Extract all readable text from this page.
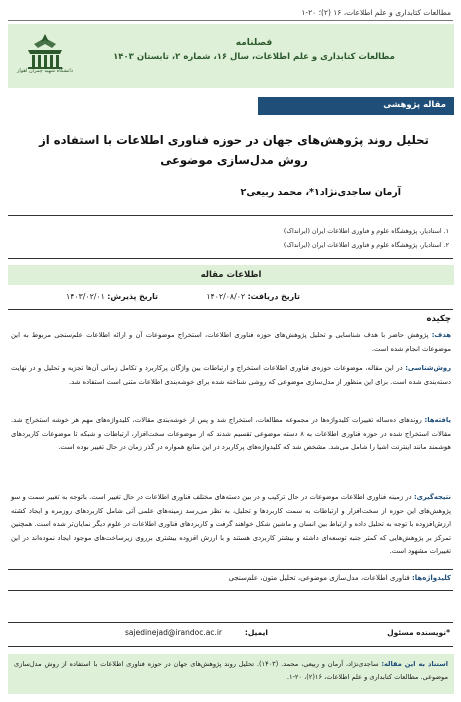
مطالعات کتابداری و علم اطلاعات، ۱۶ (۲)؛ ۲۰-۱
فصلنامه
مطالعات کتابداری و علم اطلاعات، سال ۱۶، شماره ۲، تابستان ۱۴۰۳
دانشگاه شهید چمران اهواز
مقاله پژوهشی
تحلیل روند پژوهش‌های جهان در حوزه فناوری اطلاعات با استفاده از روش مدل‌سازی موضوعی
آرمان ساجدی‌نژاد۱*، محمد ربیعی۲
۱. استادیار، پژوهشگاه علوم و فناوری اطلاعات ایران (ایرانداک)
۲. استادیار، پژوهشگاه علوم و فناوری اطلاعات ایران (ایرانداک)
اطلاعات مقاله
تاریخ دریافت: ۱۴۰۲/۰۸/۰۲
تاریخ پذیرش: ۱۴۰۳/۰۲/۰۱
چکیده
هدف: پژوهش حاضر با هدف شناسایی و تحلیل پژوهش‌های حوزه فناوری اطلاعات، استخراج موضوعات آن و ارائه اطلاعات علم‌سنجی مربوط به این موضوعات انجام شده است.
روش‌شناسی: در این مقاله، موضوعات حوزه‌ی فناوری اطلاعات استخراج و ارتباطات بین واژگان پرکاربرد و تکامل زمانی آن‌ها تجزیه و تحلیل و در نهایت دسته‌بندی شده است. برای این منظور از مدل‌سازی موضوعی که روشی شناخته شده برای خوشه‌بندی اطلاعات متنی است استفاده شد.
یافته‌ها: روندهای ده‌ساله تغییرات کلیدواژه‌ها در مجموعه مطالعات، استخراج شد و پس از خوشه‌بندی مقالات، کلیدواژه‌های مهم هر خوشه استخراج شد. مقالات استخراج شده در حوزه فناوری اطلاعات به ۸ دسته موضوعی تقسیم شدند که از موضوعات سخت‌افزار، ارتباطات و شبکه تا موضوعات کاربردهای هوشمند مانند اینترنت اشیا را شامل می‌شد. مشخص شد که کلیدواژه‌های پرکاربرد در این منابع همواره در گذر زمان در حال تغییر بوده است.
نتیجه‌گیری: در زمینه فناوری اطلاعات موضوعات در حال ترکیب و در بین دسته‌های مختلف فناوری اطلاعات در حال تغییر است. باتوجه به تغییر سمت و سو پژوهش‌های این حوزه از سخت‌افزار و ارتباطات به سمت کاربردها و تحلیل، به نظر می‌رسد زمینه‌های علمی آتی شامل کاربردهای روزمره و ایجاد کشته ارزش‌افزوده با توجه به تحلیل داده و ارتباط بین انسان و ماشین شکل خواهند گرفت و کاربردهای فناوری اطلاعات در علوم دیگر نمایان‌تر شده است. همچنین تمرکز بر پژوهش‌هایی که کمتر جنبه توسعه‌ای داشته و بیشتر کاربردی هستند و با ارزش افزوده بیشتری برروی زیرساخت‌های موجود ایجاد نموده‌اند در این تغییرات مشهود است.
کلیدواژه‌ها: فناوری اطلاعات، مدل‌سازی موضوعی، تحلیل متون، علم‌سنجی
*نویسنده مسئول
ایمیل:
sajedinejad@irandoc.ac.ir
استناد به این مقاله: ساجدی‌نژاد، آرمان و ربیعی، محمد. (۱۴۰۳). تحلیل روند پژوهش‌های جهان در حوزه فناوری اطلاعات با استفاده از روش مدل‌سازی موضوعی. مطالعات کتابداری و علم اطلاعات، ۱۶(۲)، ۲۰-۱.
